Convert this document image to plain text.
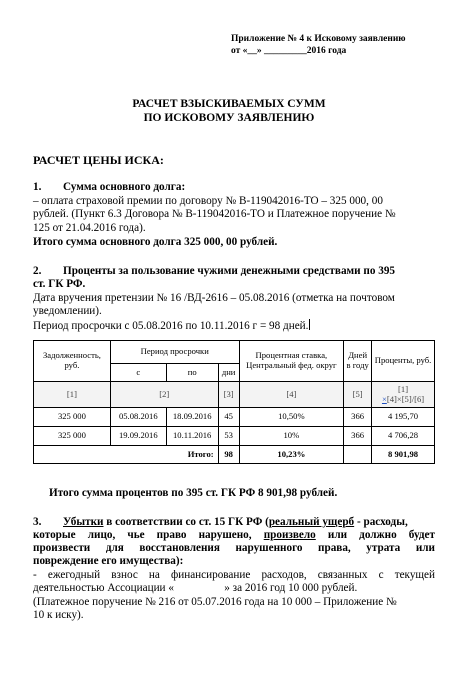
Приложение № 4 к Исковому заявлению
от «__» _________2016 года
РАСЧЕТ ВЗЫСКИВАЕМЫХ СУММ
ПО ИСКОВОМУ ЗАЯВЛЕНИЮ
РАСЧЕТ ЦЕНЫ ИСКА:
1. Сумма основного долга:
– оплата страховой премии по договору № В-119042016-ТО – 325 000, 00
рублей. (Пункт 6.3 Договора № В-119042016-ТО и Платежное поручение №
125 от 21.04.2016 года).
Итого сумма основного долга 325 000, 00 рублей.
2. Проценты за пользование чужими денежными средствами по 395
ст. ГК РФ.
Дата вручения претензии № 16 /ВД-2616 – 05.08.2016 (отметка на почтовом
уведомлении).
Период просрочки с 05.08.2016 по 10.11.2016 г = 98 дней.
Задолженность, руб.	Период просрочки			Процентная ставка, Центральный фед. округ	Дней в году	Проценты, руб.
	с	по	дни			
[1]	[2]		[3]	[4]	[5]	[1]
×[4]×[5]/[6]

325 000	05.08.2016	18.09.2016	45	10,50%	366	4 195,70
325 000	19.09.2016	10.11.2016	53	10%	366	4 706,28
Итого:			98	10,23%		8 901,98
Итого сумма процентов по 395 ст. ГК РФ 8 901,98 рублей.
3. Убытки в соответствии со ст. 15 ГК РФ (реальный ущерб - расходы,
которые лицо, чье право нарушено, произвело или должно будет
произвести для восстановления нарушенного права, утрата или
повреждение его имущества):
- ежегодный взнос на финансирование расходов, связанных с текущей
деятельностью Ассоциации «                  » за 2016 год 10 000 рублей.
(Платежное поручение № 216 от 05.07.2016 года на 10 000 – Приложение №
10 к иску).
